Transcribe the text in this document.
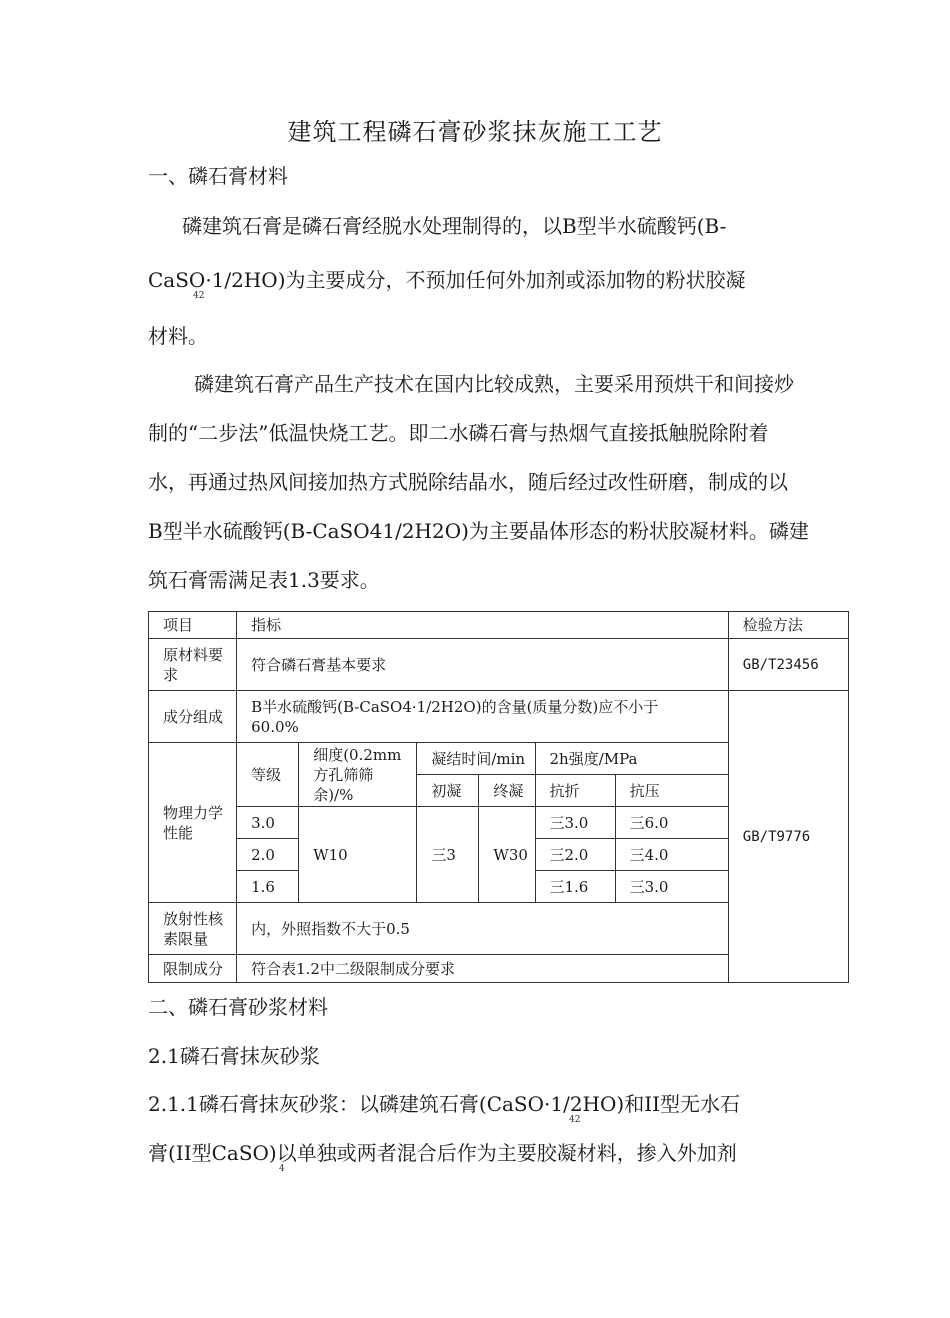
建筑工程磷石膏砂浆抹灰施工工艺
一、磷石膏材料
磷建筑石膏是磷石膏经脱水处理制得的，以B型半水硫酸钙(B-
CaSO·1/2HO)为主要成分，不预加任何外加剂或添加物的粉状胶凝
42
材料。
磷建筑石膏产品生产技术在国内比较成熟，主要采用预烘干和间接炒
制的“二步法”低温快烧工艺。即二水磷石膏与热烟气直接抵触脱除附着
水，再通过热风间接加热方式脱除结晶水，随后经过改性研磨，制成的以
B型半水硫酸钙(B-CaSO41/2H2O)为主要晶体形态的粉状胶凝材料。磷建
筑石膏需满足表1.3要求。
项目	指标						检验方法
原材料要求	符合磷石膏基本要求						GB/T23456
成分组成	B半水硫酸钙(B-CaSO4·1/2H2O)的含量(质量分数)应不小于60.0%						GB/T9776
物理力学性能	等级	细度(0.2mm方孔筛筛余)/%	凝结时间/min		2h强度/MPa		
			初凝	终凝	抗折	抗压	
	3.0	W10	三3	W30	三3.0	三6.0	
	2.0				三2.0	三4.0	
	1.6				三1.6	三3.0	
放射性核素限量	内，外照指数不大于0.5						
限制成分	符合表1.2中二级限制成分要求						
二、磷石膏砂浆材料
2.1磷石膏抹灰砂浆
2.1.1磷石膏抹灰砂浆：以磷建筑石膏(CaSO·1/2HO)和II型无水石
42
膏(II型CaSO)以单独或两者混合后作为主要胶凝材料，掺入外加剂
4
